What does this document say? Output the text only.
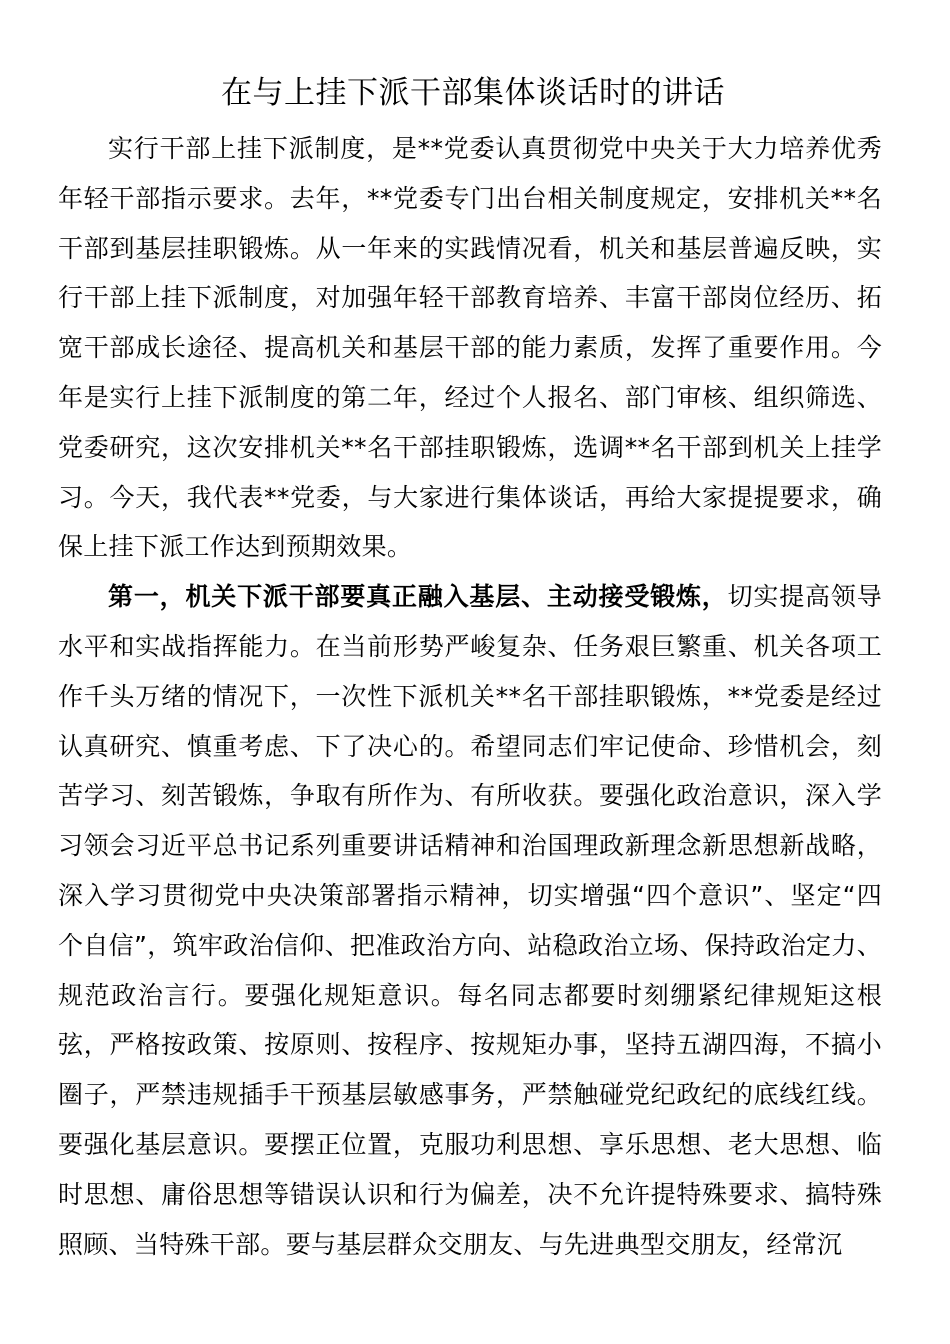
在与上挂下派干部集体谈话时的讲话

实行干部上挂下派制度，是**党委认真贯彻党中央关于大力培养优秀年轻干部指示要求。去年，**党委专门出台相关制度规定，安排机关**名干部到基层挂职锻炼。从一年来的实践情况看，机关和基层普遍反映，实行干部上挂下派制度，对加强年轻干部教育培养、丰富干部岗位经历、拓宽干部成长途径、提高机关和基层干部的能力素质，发挥了重要作用。今年是实行上挂下派制度的第二年，经过个人报名、部门审核、组织筛选、党委研究，这次安排机关**名干部挂职锻炼，选调**名干部到机关上挂学习。今天，我代表**党委，与大家进行集体谈话，再给大家提提要求，确保上挂下派工作达到预期效果。

第一，机关下派干部要真正融入基层、主动接受锻炼，切实提高领导水平和实战指挥能力。在当前形势严峻复杂、任务艰巨繁重、机关各项工作千头万绪的情况下，一次性下派机关**名干部挂职锻炼，**党委是经过认真研究、慎重考虑、下了决心的。希望同志们牢记使命、珍惜机会，刻苦学习、刻苦锻炼，争取有所作为、有所收获。要强化政治意识，深入学习领会习近平总书记系列重要讲话精神和治国理政新理念新思想新战略，深入学习贯彻党中央决策部署指示精神，切实增强“四个意识”、坚定“四个自信”，筑牢政治信仰、把准政治方向、站稳政治立场、保持政治定力、规范政治言行。要强化规矩意识。每名同志都要时刻绷紧纪律规矩这根弦，严格按政策、按原则、按程序、按规矩办事，坚持五湖四海，不搞小圈子，严禁违规插手干预基层敏感事务，严禁触碰党纪政纪的底线红线。要强化基层意识。要摆正位置，克服功利思想、享乐思想、老大思想、临时思想、庸俗思想等错误认识和行为偏差，决不允许提特殊要求、搞特殊照顾、当特殊干部。要与基层群众交朋友、与先进典型交朋友，经常沉
